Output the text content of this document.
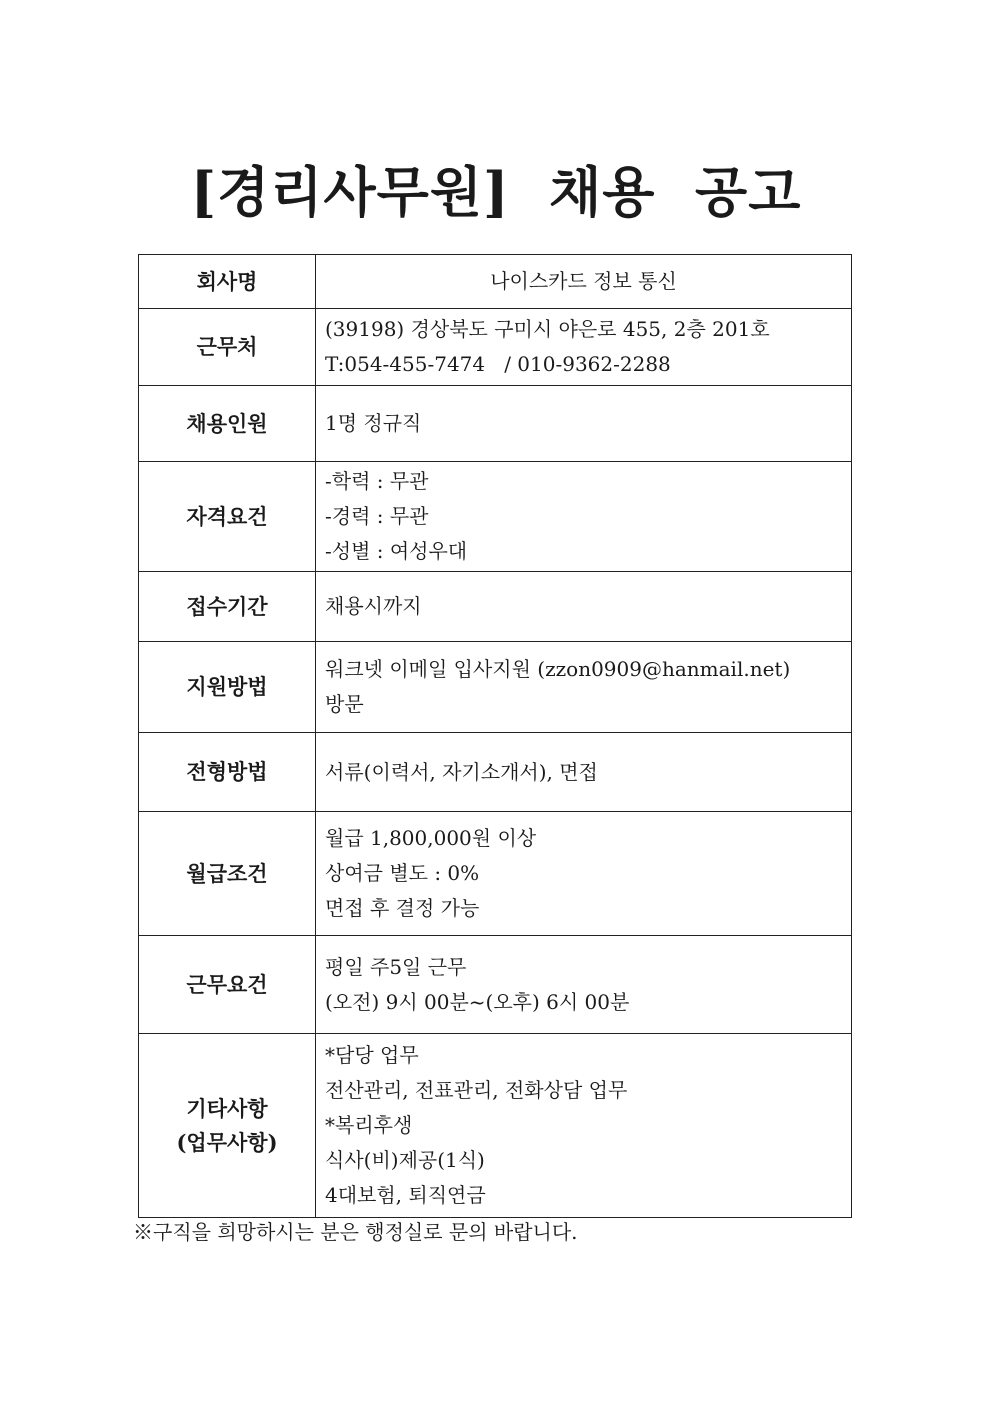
[경리사무원]  채용  공고
회사명	나이스카드 정보 통신

근무처	(39198) 경상북도 구미시 야은로 455, 2층 201호
T:054-455-7474   / 010-9362-2288

채용인원	1명 정규직

자격요건	-학력 : 무관
-경력 : 무관
-성별 : 여성우대

접수기간	채용시까지

지원방법	워크넷 이메일 입사지원 (zzon0909@hanmail.net)
방문

전형방법	서류(이력서, 자기소개서), 면접

월급조건	월급 1,800,000원 이상
상여금 별도 : 0%
면접 후 결정 가능

근무요건	평일 주5일 근무
(오전) 9시 00분~(오후) 6시 00분

기타사항
(업무사항)	*담당 업무
전산관리, 전표관리, 전화상담 업무
*복리후생
식사(비)제공(1식)
4대보험, 퇴직연금
※구직을 희망하시는 분은 행정실로 문의 바랍니다.
